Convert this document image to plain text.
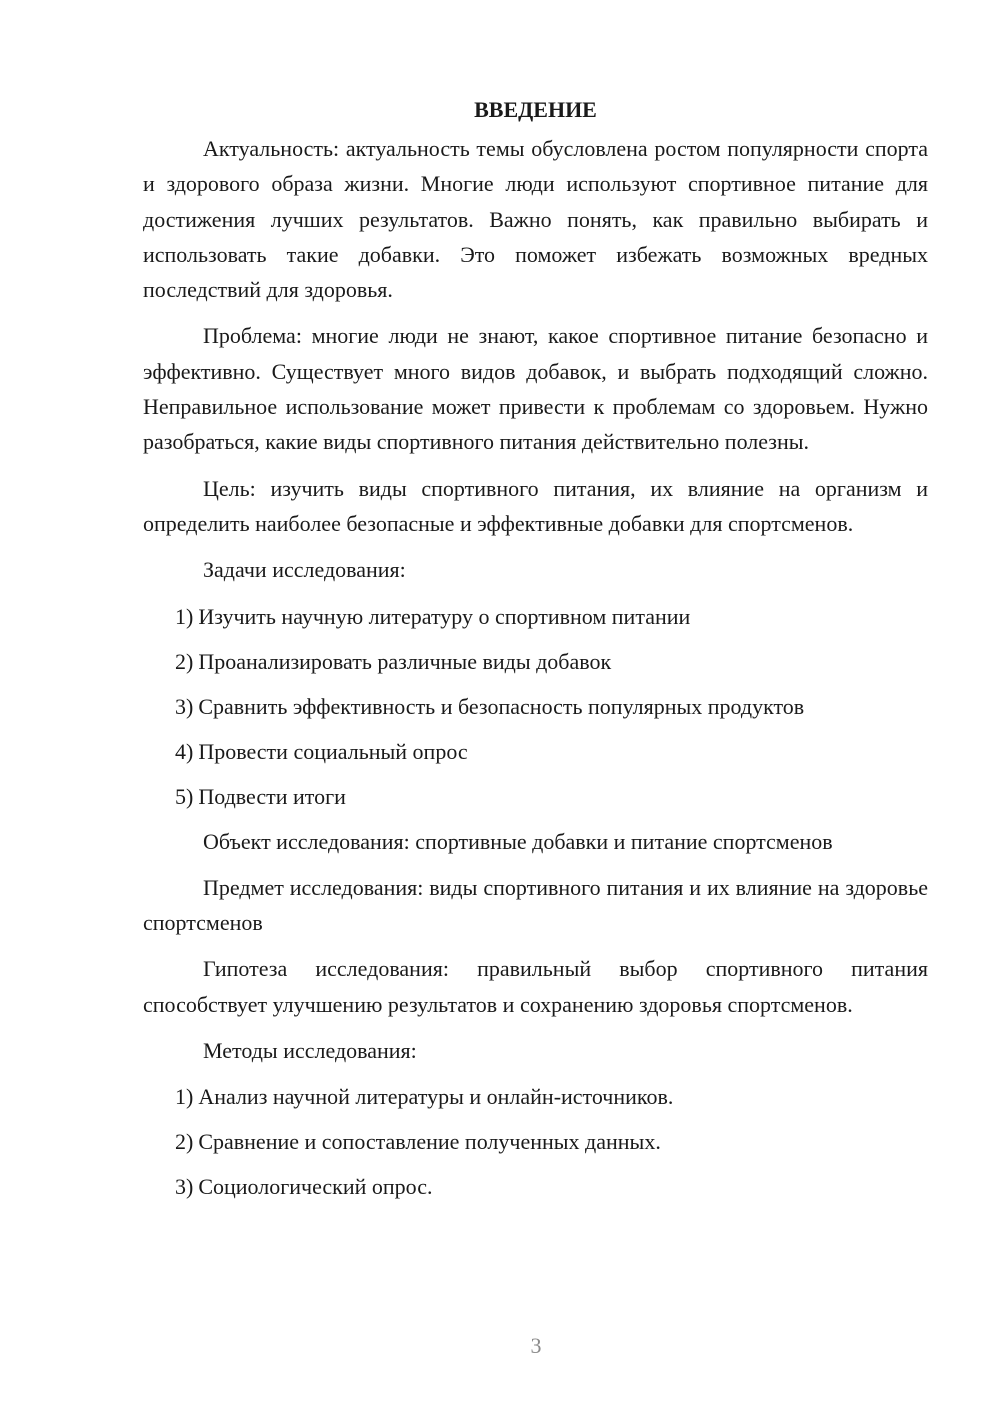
ВВЕДЕНИЕ

Актуальность: актуальность темы обусловлена ростом популярности спорта и здорового образа жизни. Многие люди используют спортивное питание для достижения лучших результатов. Важно понять, как правильно выбирать и использовать такие добавки. Это поможет избежать возможных вредных последствий для здоровья.

Проблема: многие люди не знают, какое спортивное питание безопасно и эффективно. Существует много видов добавок, и выбрать подходящий сложно. Неправильное использование может привести к проблемам со здоровьем. Нужно разобраться, какие виды спортивного питания действительно полезны.

Цель: изучить виды спортивного питания, их влияние на организм и определить наиболее безопасные и эффективные добавки для спортсменов.

Задачи исследования:

1) Изучить научную литературу о спортивном питании
2) Проанализировать различные виды добавок
3) Сравнить эффективность и безопасность популярных продуктов
4) Провести социальный опрос
5) Подвести итоги

Объект исследования: спортивные добавки и питание спортсменов

Предмет исследования: виды спортивного питания и их влияние на здоровье спортсменов

Гипотеза исследования: правильный выбор спортивного питания способствует улучшению результатов и сохранению здоровья спортсменов.

Методы исследования:

1) Анализ научной литературы и онлайн-источников.
2) Сравнение и сопоставление полученных данных.
3) Социологический опрос.
3
